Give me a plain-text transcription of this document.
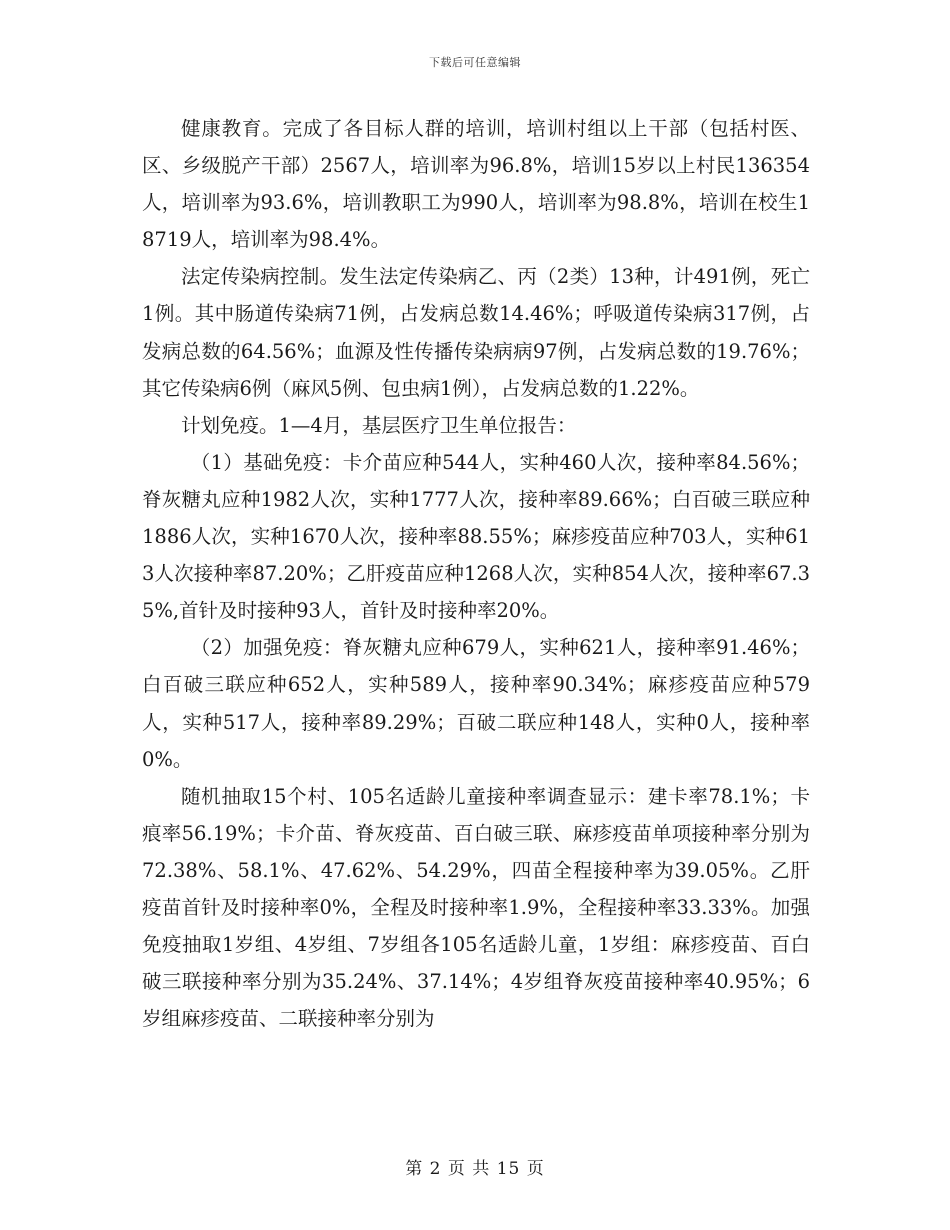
下载后可任意编辑

健康教育。完成了各目标人群的培训，培训村组以上干部（包括村医、区、乡级脱产干部）2567人，培训率为96.8%，培训15岁以上村民136354人，培训率为93.6%，培训教职工为990人，培训率为98.8%，培训在校生18719人，培训率为98.4%。

法定传染病控制。发生法定传染病乙、丙（2类）13种，计491例，死亡1例。其中肠道传染病71例，占发病总数14.46%；呼吸道传染病317例，占发病总数的64.56%；血源及性传播传染病病97例，占发病总数的19.76%；其它传染病6例（麻风5例、包虫病1例），占发病总数的1.22%。

计划免疫。1—4月，基层医疗卫生单位报告：

（1）基础免疫：卡介苗应种544人，实种460人次，接种率84.56%；脊灰糖丸应种1982人次，实种1777人次，接种率89.66%；白百破三联应种1886人次，实种1670人次，接种率88.55%；麻疹疫苗应种703人，实种613人次接种率87.20%；乙肝疫苗应种1268人次，实种854人次，接种率67.35%,首针及时接种93人，首针及时接种率20%。

（2）加强免疫：脊灰糖丸应种679人，实种621人，接种率91.46%；白百破三联应种652人，实种589人，接种率90.34%；麻疹疫苗应种579人，实种517人，接种率89.29%；百破二联应种148人，实种0人，接种率0%。

随机抽取15个村、105名适龄儿童接种率调查显示：建卡率78.1%；卡痕率56.19%；卡介苗、脊灰疫苗、百白破三联、麻疹疫苗单项接种率分别为72.38%、58.1%、47.62%、54.29%，四苗全程接种率为39.05%。乙肝疫苗首针及时接种率0%，全程及时接种率1.9%，全程接种率33.33%。加强免疫抽取1岁组、4岁组、7岁组各105名适龄儿童，1岁组：麻疹疫苗、百白破三联接种率分别为35.24%、37.14%；4岁组脊灰疫苗接种率40.95%；6岁组麻疹疫苗、二联接种率分别为

第 2 页 共 15 页
